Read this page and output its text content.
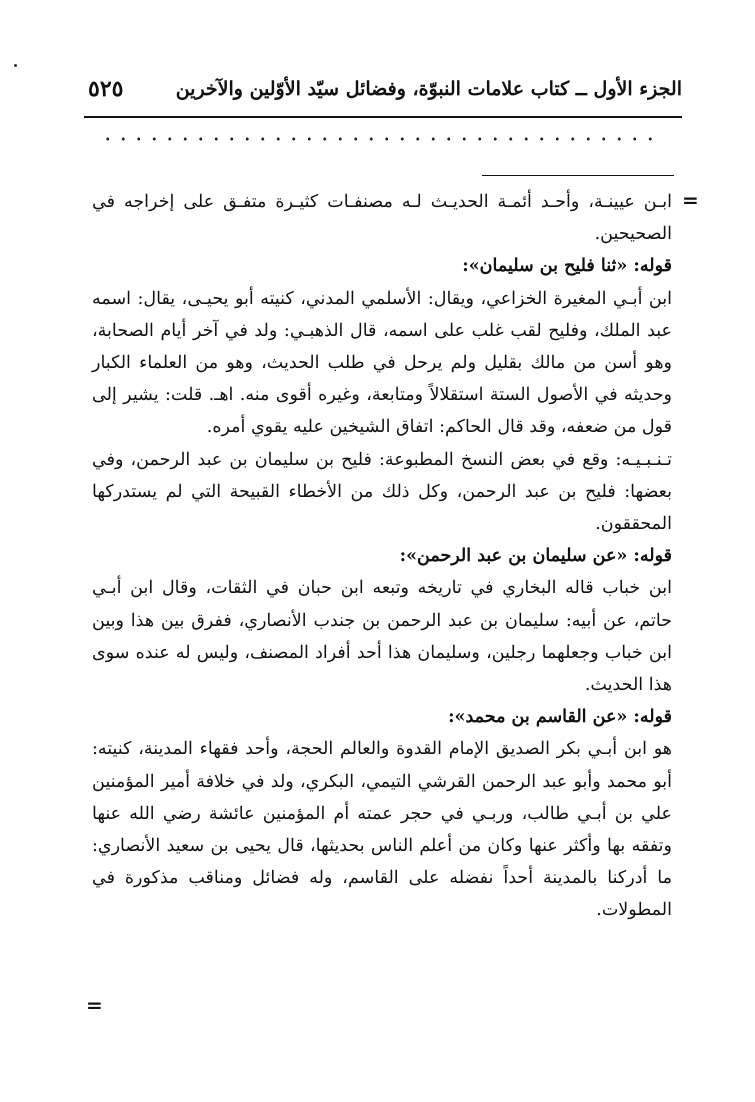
الجزء الأول ــ كتاب علامات النبوّة، وفضائل سيّد الأوّلين والآخرين
٥٢٥
=

ابـن عيينـة، وأحـد أئمـة الحديـث لـه مصنفـات كثيـرة متفـق على إخراجه في الصحيحين.

قوله: «ثنا فليح بن سليمان»:

ابن أبـي المغيرة الخزاعي، ويقال: الأسلمي المدني، كنيته أبو يحيـى، يقال: اسمه عبد الملك، وفليح لقب غلب على اسمه، قال الذهبـي: ولد في آخر أيام الصحابة، وهو أسن من مالك بقليل ولم يرحل في طلب الحديث، وهو من العلماء الكبار وحديثه في الأصول الستة استقلالاً ومتابعة، وغيره أقوى منه. اهـ. قلت: يشير إلى قول من ضعفه، وقد قال الحاكم: اتفاق الشيخين عليه يقوي أمره.

تـنـبـيـه: وقع في بعض النسخ المطبوعة: فليح بن سليمان بن عبد الرحمن، وفي بعضها: فليح بن عبد الرحمن، وكل ذلك من الأخطاء القبيحة التي لم يستدركها المحققون.

قوله: «عن سليمان بن عبد الرحمن»:

ابن خباب قاله البخاري في تاريخه وتبعه ابن حبان في الثقات، وقال ابن أبـي حاتم، عن أبيه: سليمان بن عبد الرحمن بن جندب الأنصاري، ففرق بين هذا وبين ابن خباب وجعلهما رجلين، وسليمان هذا أحد أفراد المصنف، وليس له عنده سوى هذا الحديث.

قوله: «عن القاسم بن محمد»:

هو ابن أبـي بكر الصديق الإمام القدوة والعالم الحجة، وأحد فقهاء المدينة، كنيته: أبو محمد وأبو عبد الرحمن القرشي التيمي، البكري، ولد في خلافة أمير المؤمنين علي بن أبـي طالب، وربـي في حجر عمته أم المؤمنين عائشة رضي الله عنها وتفقه بها وأكثر عنها وكان من أعلم الناس بحديثها، قال يحيى بن سعيد الأنصاري: ما أدركنا بالمدينة أحداً نفضله على القاسم، وله فضائل ومناقب مذكورة في المطولات.

=
